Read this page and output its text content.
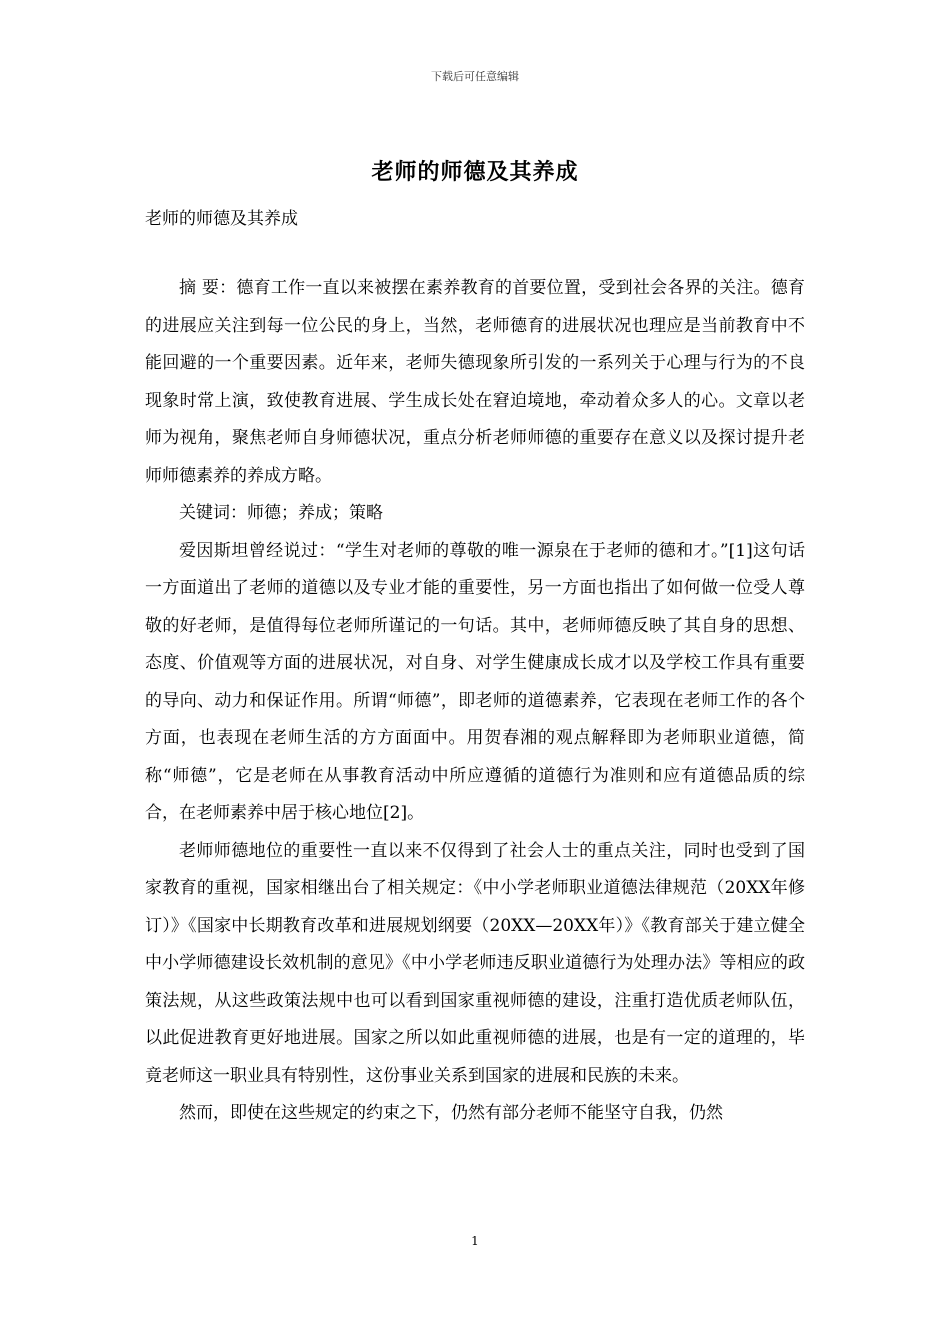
下载后可任意编辑
老师的师德及其养成
老师的师德及其养成

摘 要：德育工作一直以来被摆在素养教育的首要位置，受到社会各界的关注。德育的进展应关注到每一位公民的身上，当然，老师德育的进展状况也理应是当前教育中不能回避的一个重要因素。近年来，老师失德现象所引发的一系列关于心理与行为的不良现象时常上演，致使教育进展、学生成长处在窘迫境地，牵动着众多人的心。文章以老师为视角，聚焦老师自身师德状况，重点分析老师师德的重要存在意义以及探讨提升老师师德素养的养成方略。

关键词：师德；养成；策略

爱因斯坦曾经说过：“学生对老师的尊敬的唯一源泉在于老师的德和才。”[1]这句话一方面道出了老师的道德以及专业才能的重要性，另一方面也指出了如何做一位受人尊敬的好老师，是值得每位老师所谨记的一句话。其中，老师师德反映了其自身的思想、态度、价值观等方面的进展状况，对自身、对学生健康成长成才以及学校工作具有重要的导向、动力和保证作用。所谓“师德”，即老师的道德素养，它表现在老师工作的各个方面，也表现在老师生活的方方面面中。用贺春湘的观点解释即为老师职业道德，简称“师德”，它是老师在从事教育活动中所应遵循的道德行为准则和应有道德品质的综合，在老师素养中居于核心地位[2]。

老师师德地位的重要性一直以来不仅得到了社会人士的重点关注，同时也受到了国家教育的重视，国家相继出台了相关规定：《中小学老师职业道德法律规范（20XX年修订）》《国家中长期教育改革和进展规划纲要（20XX—20XX年）》《教育部关于建立健全中小学师德建设长效机制的意见》《中小学老师违反职业道德行为处理办法》等相应的政策法规，从这些政策法规中也可以看到国家重视师德的建设，注重打造优质老师队伍，以此促进教育更好地进展。国家之所以如此重视师德的进展，也是有一定的道理的，毕竟老师这一职业具有特别性，这份事业关系到国家的进展和民族的未来。

然而，即使在这些规定的约束之下，仍然有部分老师不能坚守自我，仍然

1
